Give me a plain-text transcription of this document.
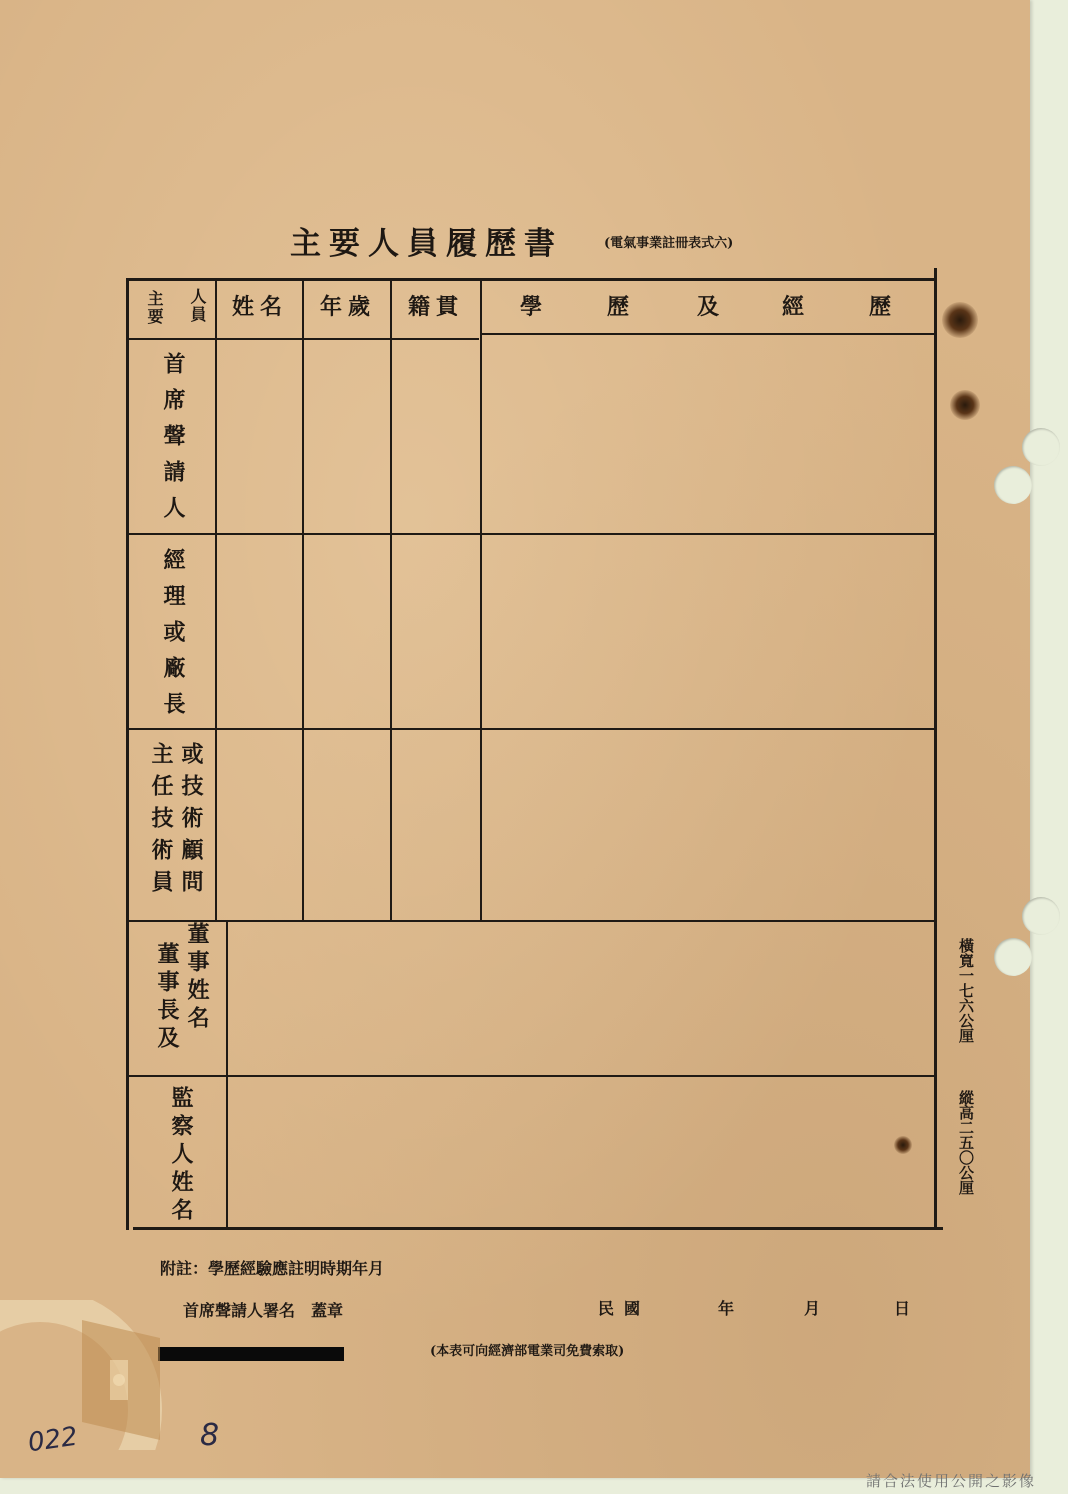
主要人員履歷書	(電氣事業註冊表式六)
主要 人員 姓名 年歲 籍貫	學	歷	及	經	歷
首席聲請人
經理或廠長
主任技術員 或技術顧問
董事長及 董事姓名
監察人姓名
橫寬一七六公厘
縱高二五〇公厘
附註：學歷經驗應註明時期年月
首席聲請人署名　蓋章	民國	年	月	日
(本表可向經濟部電業司免費索取)
022	8
請合法使用公開之影像
